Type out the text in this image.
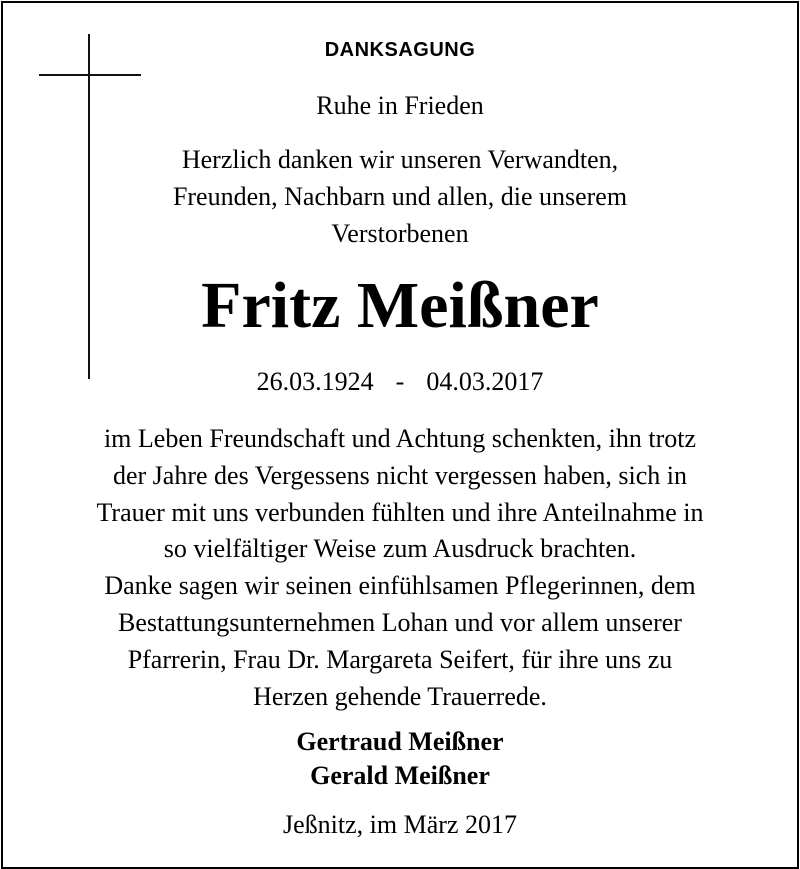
DANKSAGUNG
Ruhe in Frieden
Herzlich danken wir unseren Verwandten,
Freunden, Nachbarn und allen, die unserem
Verstorbenen
Fritz Meißner
26.03.1924 - 04.03.2017
im Leben Freundschaft und Achtung schenkten, ihn trotz
der Jahre des Vergessens nicht vergessen haben, sich in
Trauer mit uns verbunden fühlten und ihre Anteilnahme in
so vielfältiger Weise zum Ausdruck brachten.
Danke sagen wir seinen einfühlsamen Pflegerinnen, dem
Bestattungsunternehmen Lohan und vor allem unserer
Pfarrerin, Frau Dr. Margareta Seifert, für ihre uns zu
Herzen gehende Trauerrede.
Gertraud Meißner
Gerald Meißner
Jeßnitz, im März 2017
